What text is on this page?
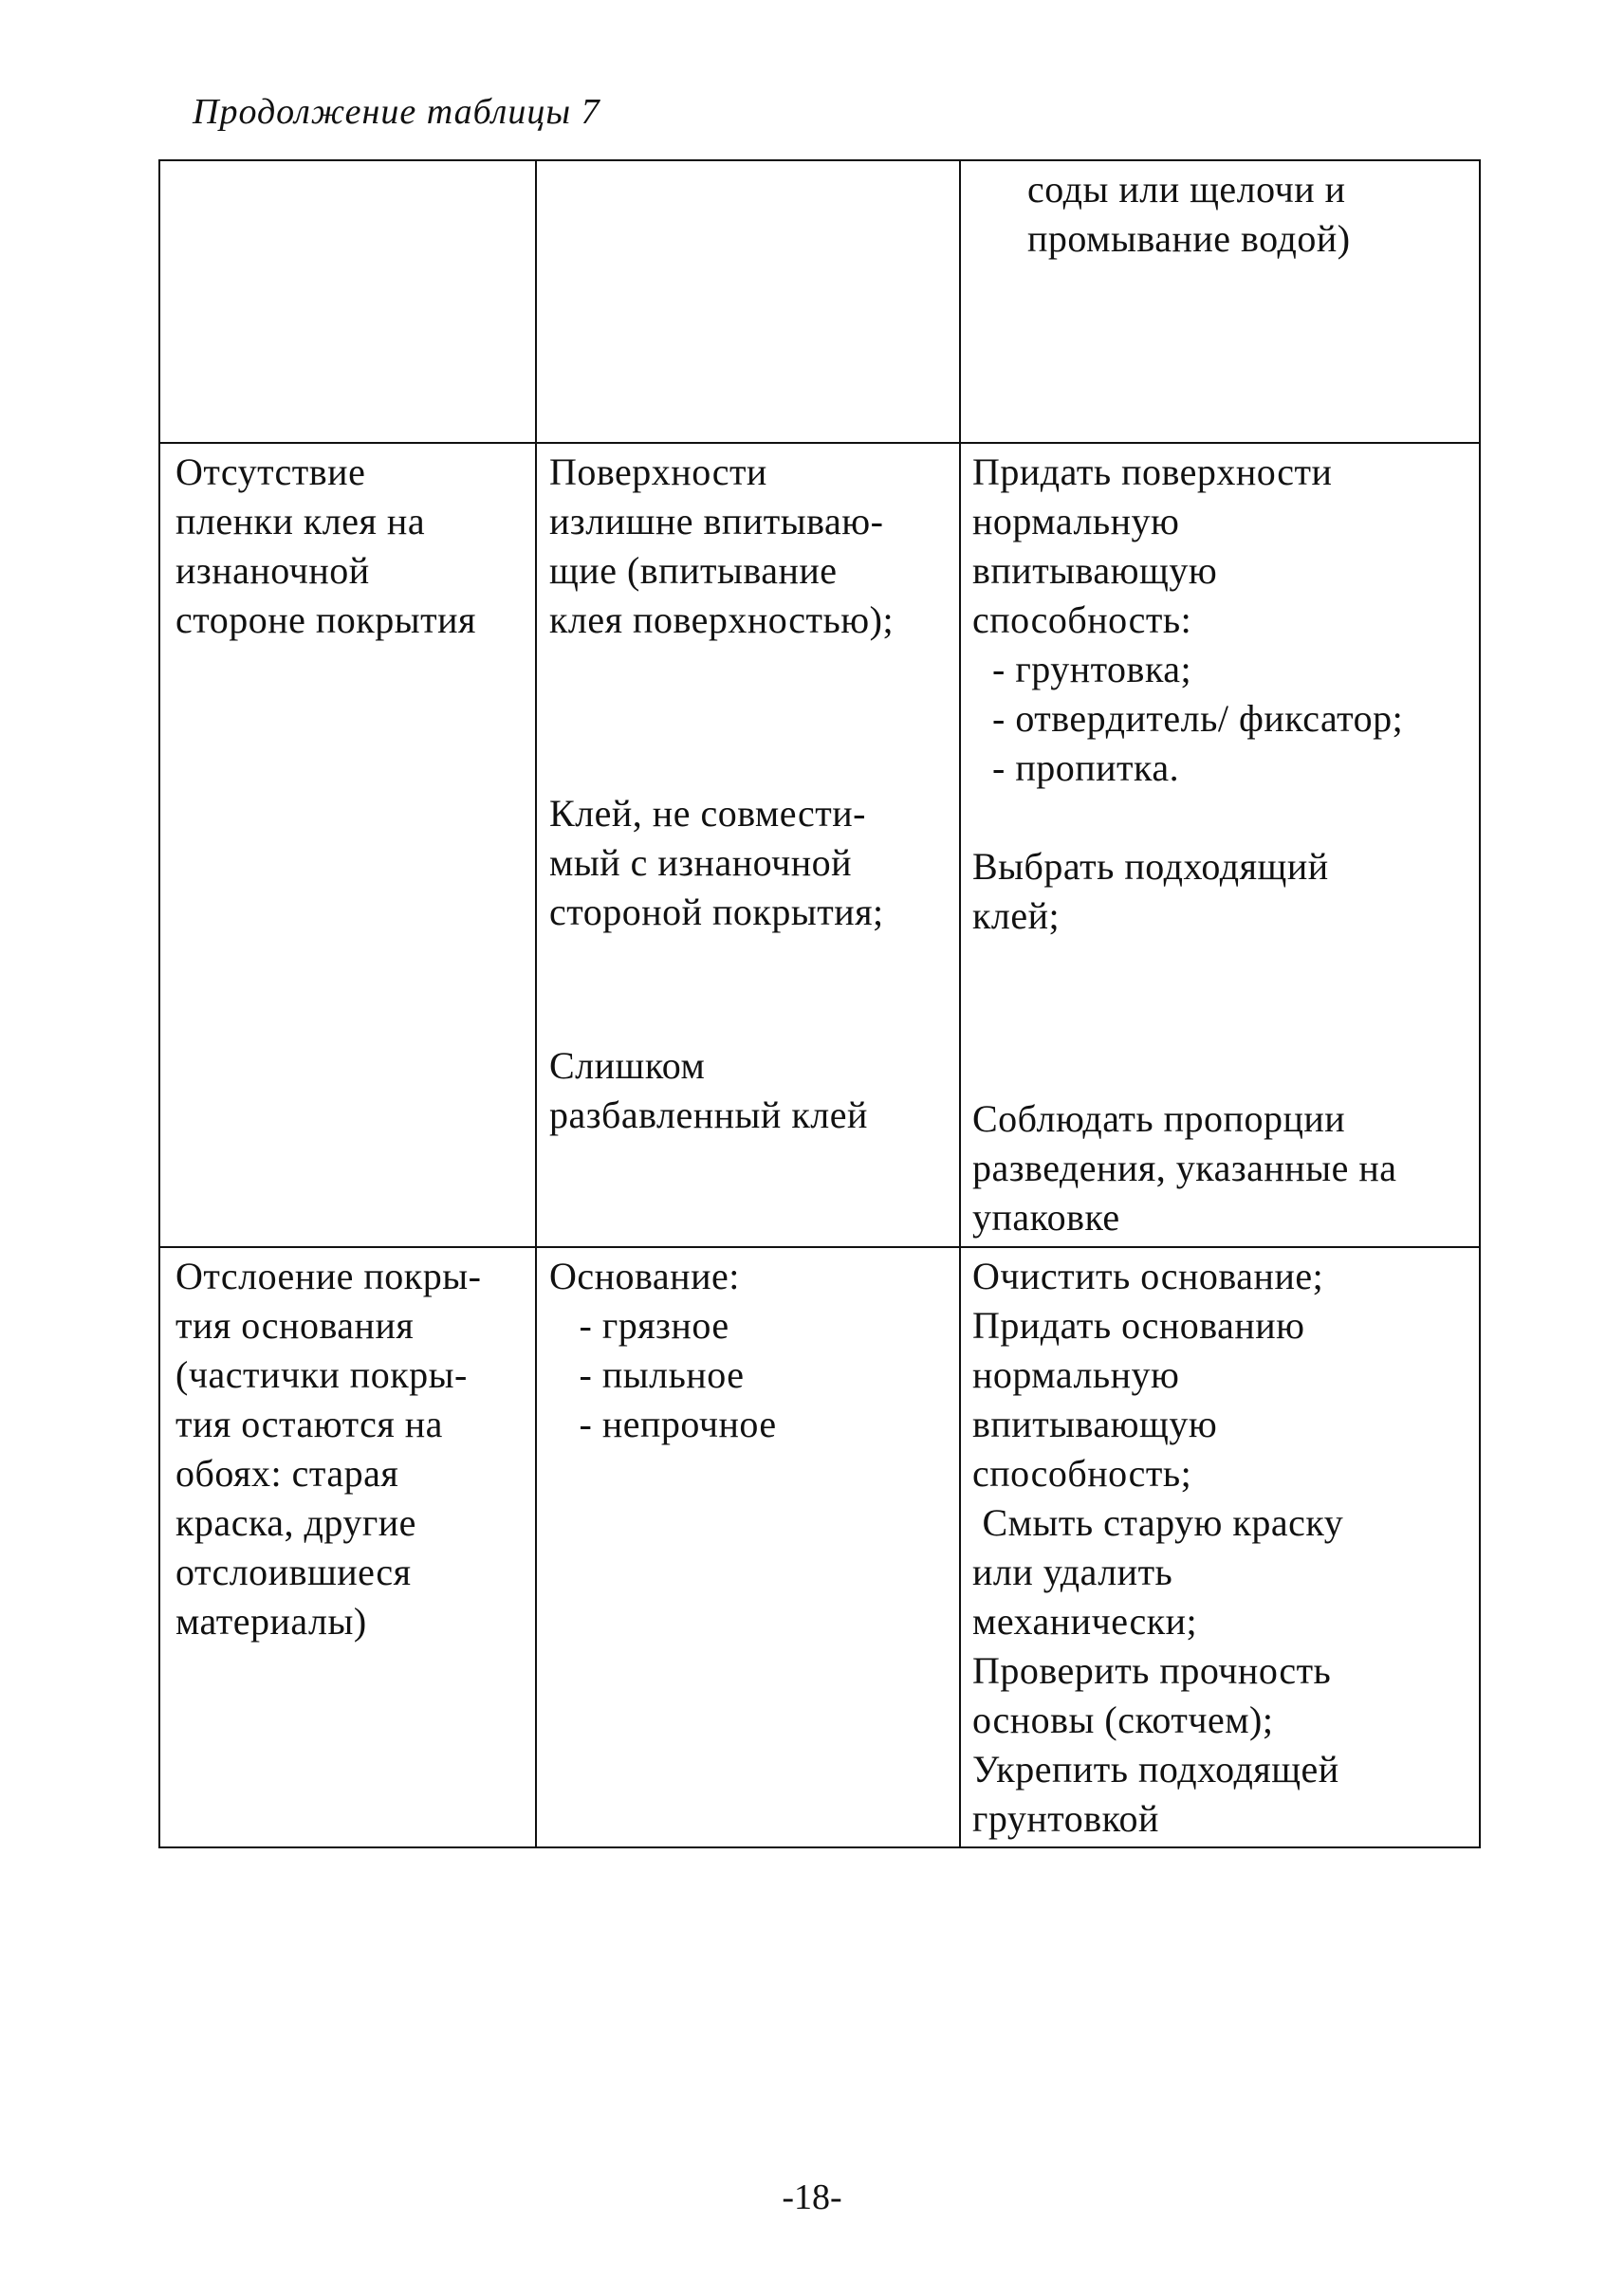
Продолжение таблицы 7
соды или щелочи и
промывание водой)
Отсутствие
пленки клея на
изнаночной
стороне покрытия
Поверхности
излишне впитываю-
щие (впитывание
клея поверхностью);
Клей, не совмести-
мый с изнаночной
стороной покрытия;
Слишком
разбавленный клей
Придать поверхности
нормальную
впитывающую
способность:
- грунтовка;
- отвердитель/ фиксатор;
- пропитка.
Выбрать подходящий
клей;
Соблюдать пропорции
разведения, указанные на
упаковке
Отслоение покры-
тия основания
(частички покры-
тия остаются на
обоях: старая
краска, другие
отслоившиеся
материалы)
Основание:
- грязное
- пыльное
- непрочное
Очистить основание;
Придать основанию
нормальную
впитывающую
способность;
Смыть старую краску
или удалить
механически;
Проверить прочность
основы (скотчем);
Укрепить подходящей
грунтовкой
-18-
